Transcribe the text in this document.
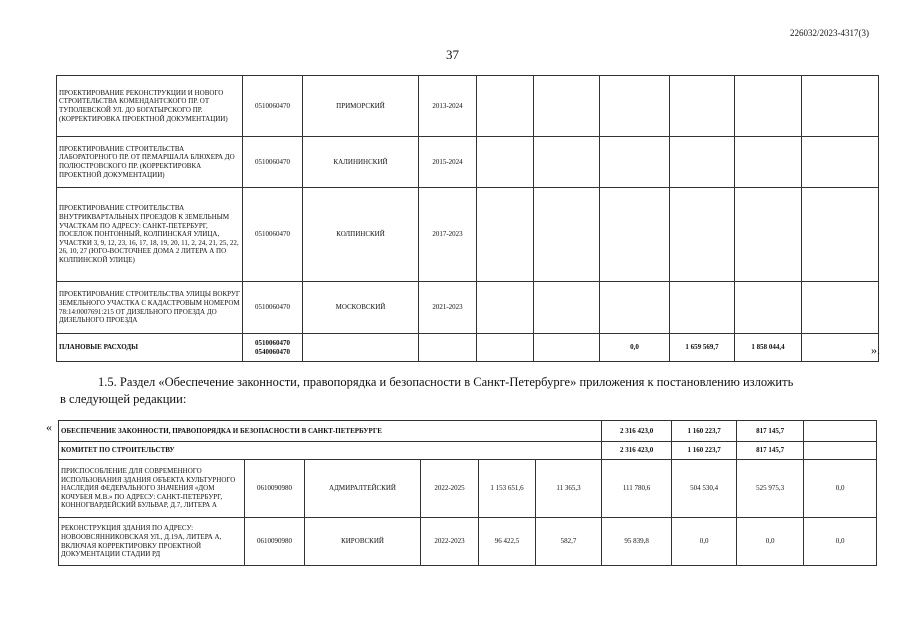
226032/2023-4317(3)
37
ПРОЕКТИРОВАНИЕ РЕКОНСТРУКЦИИ И НОВОГО СТРОИТЕЛЬСТВА КОМЕНДАНТСКОГО ПР. ОТ ТУПОЛЕВСКОЙ УЛ. ДО БОГАТЫРСКОГО ПР. (КОРРЕКТИРОВКА ПРОЕКТНОЙ ДОКУМЕНТАЦИИ)	0510060470	ПРИМОРСКИЙ	2013-2024						
ПРОЕКТИРОВАНИЕ СТРОИТЕЛЬСТВА ЛАБОРАТОРНОГО ПР. ОТ ПР.МАРШАЛА БЛЮХЕРА ДО ПОЛЮСТРОВСКОГО ПР. (КОРРЕКТИРОВКА ПРОЕКТНОЙ ДОКУМЕНТАЦИИ)	0510060470	КАЛИНИНСКИЙ	2015-2024						
ПРОЕКТИРОВАНИЕ СТРОИТЕЛЬСТВА ВНУТРИКВАРТАЛЬНЫХ ПРОЕЗДОВ К ЗЕМЕЛЬНЫМ УЧАСТКАМ ПО АДРЕСУ: САНКТ-ПЕТЕРБУРГ, ПОСЕЛОК ПОНТОННЫЙ, КОЛПИНСКАЯ УЛИЦА, УЧАСТКИ 3, 9, 12, 23, 16, 17, 18, 19, 20, 11, 2, 24, 21, 25, 22, 26, 10, 27 (ЮГО-ВОСТОЧНЕЕ ДОМА 2 ЛИТЕРА А ПО КОЛПИНСКОЙ УЛИЦЕ)	0510060470	КОЛПИНСКИЙ	2017-2023						
ПРОЕКТИРОВАНИЕ СТРОИТЕЛЬСТВА УЛИЦЫ ВОКРУГ ЗЕМЕЛЬНОГО УЧАСТКА С КАДАСТРОВЫМ НОМЕРОМ 78:14:0007691:215 ОТ ДИЗЕЛЬНОГО ПРОЕЗДА ДО ДИЗЕЛЬНОГО ПРОЕЗДА	0510060470	МОСКОВСКИЙ	2021-2023						
ПЛАНОВЫЕ РАСХОДЫ	0510060470
0540060470					0,0	1 659 569,7	1 858 044,4		».
1.5. Раздел «Обеспечение законности, правопорядка и безопасности в Санкт-Петербурге» приложения к постановлению изложить
в следующей редакции:
« ОБЕСПЕЧЕНИЕ ЗАКОННОСТИ, ПРАВОПОРЯДКА И БЕЗОПАСНОСТИ В САНКТ-ПЕТЕРБУРГЕ						2 316 423,0	1 160 223,7	817 145,7	
КОМИТЕТ ПО СТРОИТЕЛЬСТВУ						2 316 423,0	1 160 223,7	817 145,7	
ПРИСПОСОБЛЕНИЕ ДЛЯ СОВРЕМЕННОГО ИСПОЛЬЗОВАНИЯ ЗДАНИЯ ОБЪЕКТА КУЛЬТУРНОГО НАСЛЕДИЯ ФЕДЕРАЛЬНОГО ЗНАЧЕНИЯ «ДОМ КОЧУБЕЯ М.В.» ПО АДРЕСУ: САНКТ-ПЕТЕРБУРГ, КОННОГВАРДЕЙСКИЙ БУЛЬВАР, Д.7, ЛИТЕРА А	0610090980	АДМИРАЛТЕЙСКИЙ	2022-2025	1 153 651,6	11 365,3	111 780,6	504 530,4	525 975,3	0,0
РЕКОНСТРУКЦИЯ ЗДАНИЯ ПО АДРЕСУ: НОВООВСЯННИКОВСКАЯ УЛ., Д.19А, ЛИТЕРА А, ВКЛЮЧАЯ КОРРЕКТИРОВКУ ПРОЕКТНОЙ ДОКУМЕНТАЦИИ СТАДИИ РД	0610090980	КИРОВСКИЙ	2022-2023	96 422,5	582,7	95 839,8	0,0	0,0	0,0
